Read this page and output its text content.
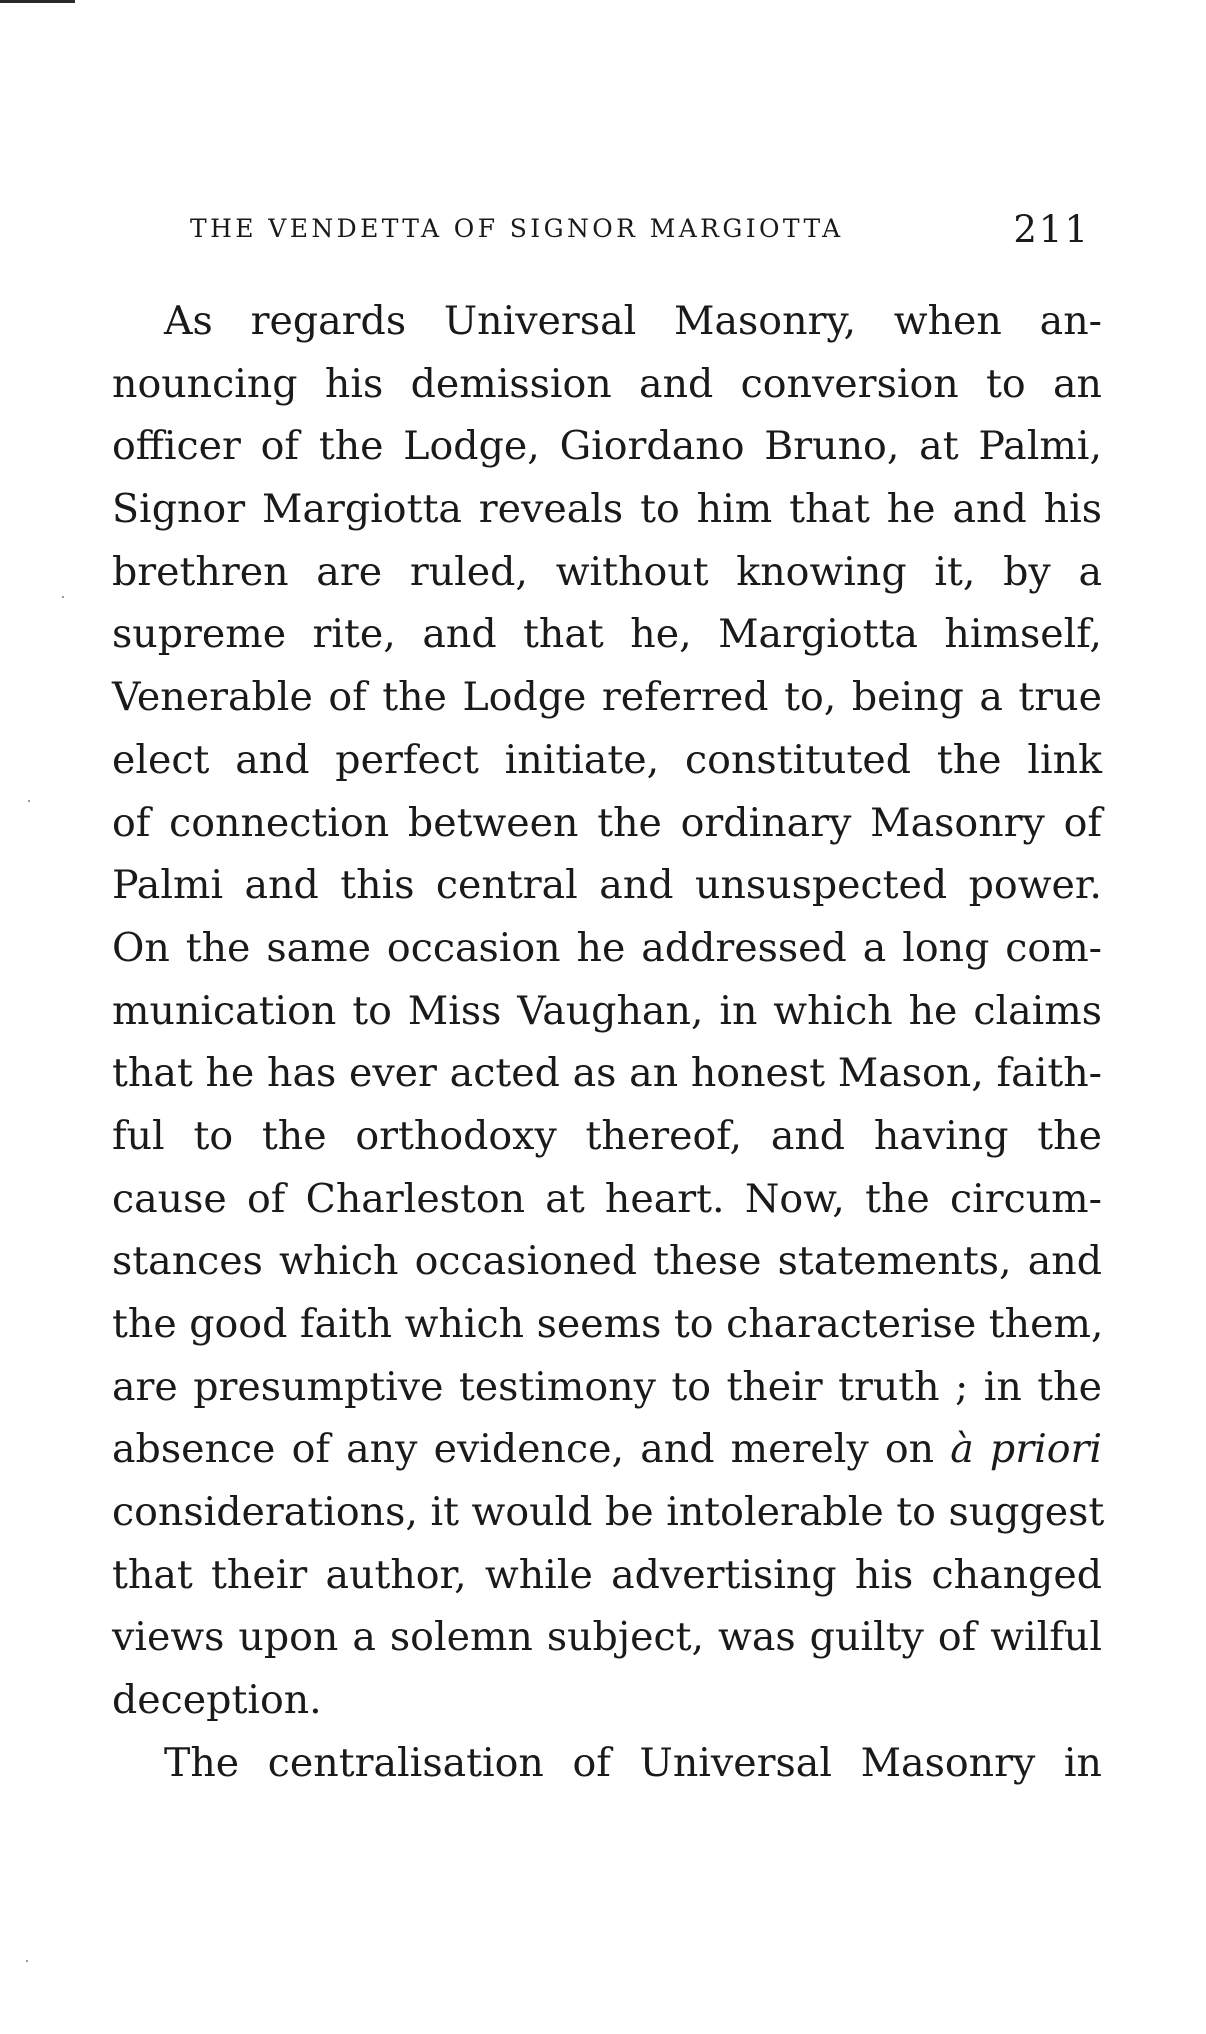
THE VENDETTA OF SIGNOR MARGIOTTA	211
As regards Universal Masonry, when an-
nouncing his demission and conversion to an
officer of the Lodge, Giordano Bruno, at Palmi,
Signor Margiotta reveals to him that he and his
brethren are ruled, without knowing it, by a
supreme rite, and that he, Margiotta himself,
Venerable of the Lodge referred to, being a true
elect and perfect initiate, constituted the link
of connection between the ordinary Masonry of
Palmi and this central and unsuspected power.
On the same occasion he addressed a long com-
munication to Miss Vaughan, in which he claims
that he has ever acted as an honest Mason, faith-
ful to the orthodoxy thereof, and having the
cause of Charleston at heart. Now, the circum-
stances which occasioned these statements, and
the good faith which seems to characterise them,
are presumptive testimony to their truth ; in the
absence of any evidence, and merely on à priori
considerations, it would be intolerable to suggest
that their author, while advertising his changed
views upon a solemn subject, was guilty of wilful
deception.
The centralisation of Universal Masonry in
